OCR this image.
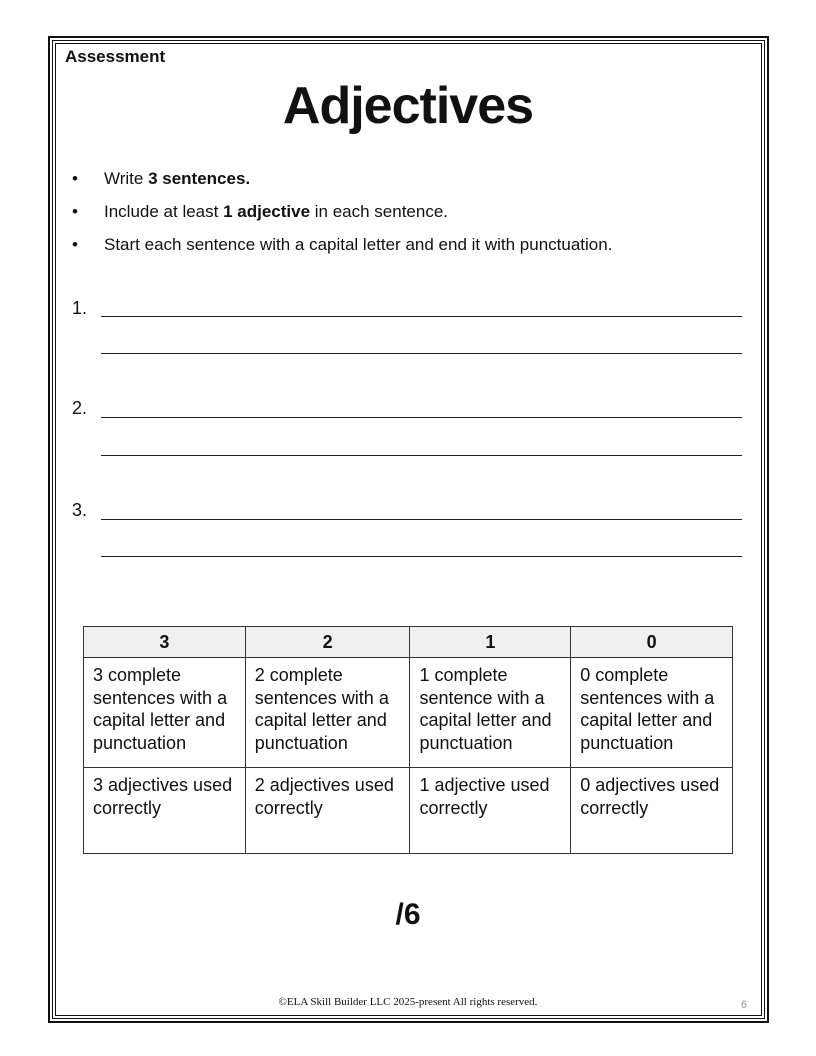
Assessment
Adjectives
• Write 3 sentences.
• Include at least 1 adjective in each sentence.
• Start each sentence with a capital letter and end it with punctuation.
1.
2.
3.
3	2	1	0
3 complete sentences with a capital letter and punctuation	2 complete sentences with a capital letter and punctuation	1 complete sentence with a capital letter and punctuation	0 complete sentences with a capital letter and punctuation
3 adjectives used correctly	2 adjectives used correctly	1 adjective used correctly	0 adjectives used correctly
/6
©ELA Skill Builder LLC 2025-present All rights reserved.	6
